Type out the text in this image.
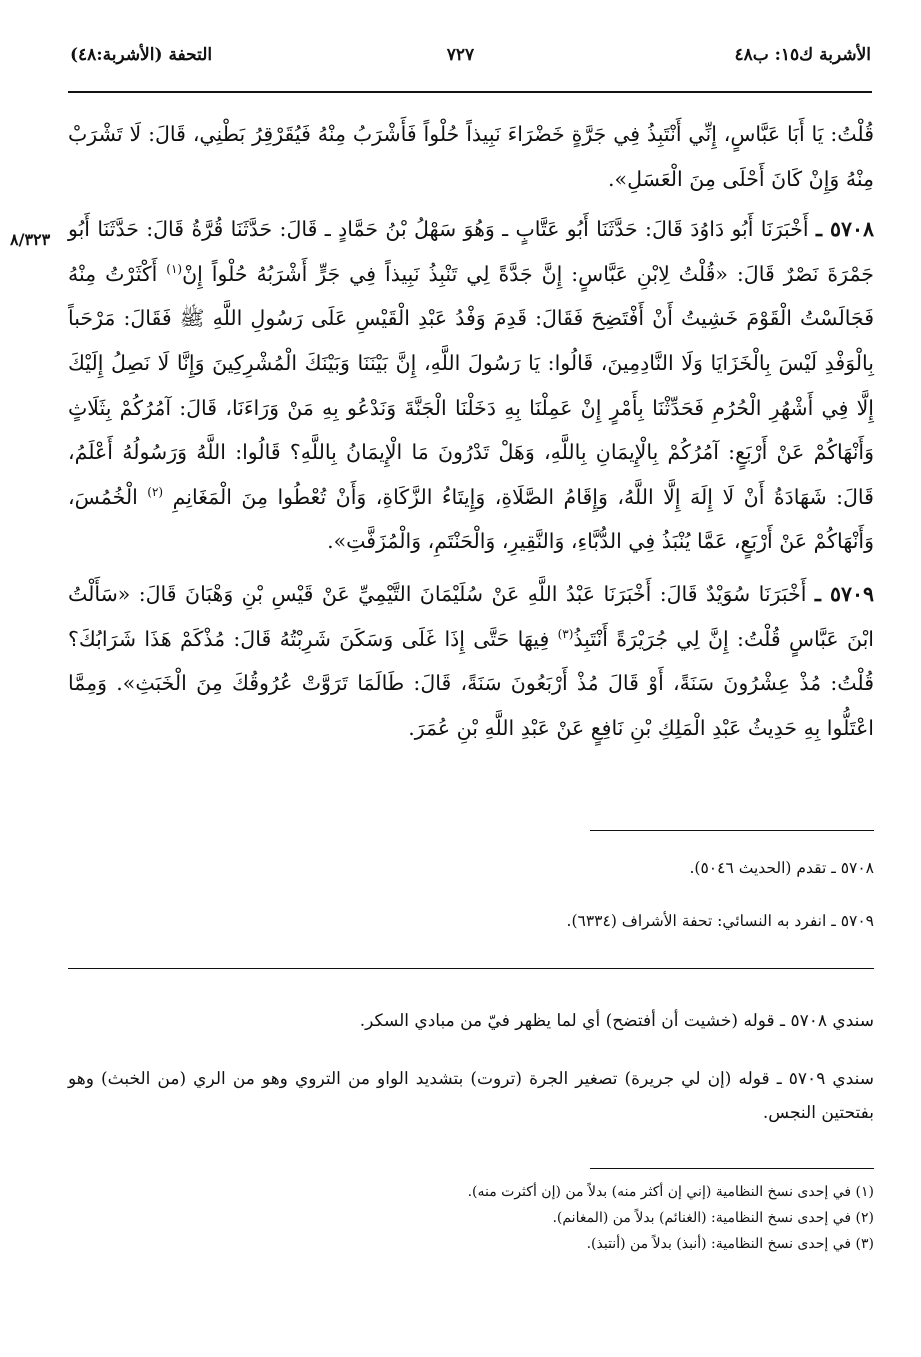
الأشربة ك١٥: ب٤٨
٧٢٧
التحفة (الأشربة:٤٨)
٨/٣٢٣

قُلْتُ: يَا أَبَا عَبَّاسٍ، إِنِّي أَنْتَبِذُ فِي جَرَّةٍ خَضْرَاءَ نَبِيذاً حُلْواً فَأَشْرَبُ مِنْهُ فَيُقَرْقِرُ بَطْنِي، قَالَ: لَا تَشْرَبْ مِنْهُ وَإِنْ كَانَ أَحْلَى مِنَ الْعَسَلِ».

٥٧٠٨ ـ أَخْبَرَنَا أَبُو دَاوُدَ قَالَ: حَدَّثَنَا أَبُو عَتَّابٍ ـ وَهُوَ سَهْلُ بْنُ حَمَّادٍ ـ قَالَ: حَدَّثَنَا قُرَّةُ قَالَ: حَدَّثَنَا أَبُو جَمْرَةَ نَصْرٌ قَالَ: «قُلْتُ لِابْنِ عَبَّاسٍ: إِنَّ جَدَّةً لِي تَنْبِذُ نَبِيذاً فِي جَرٍّ أَشْرَبُهُ حُلْواً إِنْ$^{(١)}$ أَكْثَرْتُ مِنْهُ فَجَالَسْتُ الْقَوْمَ خَشِيتُ أَنْ أَفْتَضِحَ فَقَالَ: قَدِمَ وَفْدُ عَبْدِ الْقَيْسِ عَلَى رَسُولِ اللَّهِ ﷺ فَقَالَ: مَرْحَباً بِالْوَفْدِ لَيْسَ بِالْخَزَايَا وَلَا النَّادِمِينَ، قَالُوا: يَا رَسُولَ اللَّهِ، إِنَّ بَيْنَنَا وَبَيْنَكَ الْمُشْرِكِينَ وَإِنَّا لَا نَصِلُ إِلَيْكَ إِلَّا فِي أَشْهُرِ الْحُرُمِ فَحَدِّثْنَا بِأَمْرٍ إِنْ عَمِلْنَا بِهِ دَخَلْنَا الْجَنَّةَ وَنَدْعُو بِهِ مَنْ وَرَاءَنَا، قَالَ: آمُرُكُمْ بِثَلَاثٍ وَأَنْهَاكُمْ عَنْ أَرْبَعٍ: آمُرُكُمْ بِالْإِيمَانِ بِاللَّهِ، وَهَلْ تَدْرُونَ مَا الْإِيمَانُ بِاللَّهِ؟ قَالُوا: اللَّهُ وَرَسُولُهُ أَعْلَمُ، قَالَ: شَهَادَةُ أَنْ لَا إِلَهَ إِلَّا اللَّهُ، وَإِقَامُ الصَّلَاةِ، وَإِيتَاءُ الزَّكَاةِ، وَأَنْ تُعْطُوا مِنَ الْمَغَانِمِ $^{(٢)}$ الْخُمُسَ، وَأَنْهَاكُمْ عَنْ أَرْبَعٍ، عَمَّا يُنْبَذُ فِي الدُّبَّاءِ، وَالنَّقِيرِ، وَالْحَنْتَمِ، وَالْمُزَفَّتِ».

٥٧٠٩ ـ أَخْبَرَنَا سُوَيْدٌ قَالَ: أَخْبَرَنَا عَبْدُ اللَّهِ عَنْ سُلَيْمَانَ التَّيْمِيِّ عَنْ قَيْسِ بْنِ وَهْبَانَ قَالَ: «سَأَلْتُ ابْنَ عَبَّاسٍ قُلْتُ: إِنَّ لِي جُرَيْرَةً أَنْتَبِذُ$^{(٣)}$ فِيهَا حَتَّى إِذَا غَلَى وَسَكَنَ شَرِبْتُهُ قَالَ: مُذْكَمْ هَذَا شَرَابُكَ؟ قُلْتُ: مُذْ عِشْرُونَ سَنَةً، أَوْ قَالَ مُذْ أَرْبَعُونَ سَنَةً، قَالَ: طَالَمَا تَرَوَّتْ عُرُوقُكَ مِنَ الْخَبَثِ». وَمِمَّا اعْتَلُّوا بِهِ حَدِيثُ عَبْدِ الْمَلِكِ بْنِ نَافِعٍ عَنْ عَبْدِ اللَّهِ بْنِ عُمَرَ.

٥٧٠٨ ـ تقدم (الحديث ٥٠٤٦).
٥٧٠٩ ـ انفرد به النسائي: تحفة الأشراف (٦٣٣٤).
سندي ٥٧٠٨ ـ قوله (خشيت أن أفتضح) أي لما يظهر فيّ من مبادي السكر.
سندي ٥٧٠٩ ـ قوله (إن لي جريرة) تصغير الجرة (تروت) بتشديد الواو من التروي وهو من الري (من الخبث) وهو بفتحتين النجس.
(١) في إحدى نسخ النظامية (إني إن أكثر منه) بدلاً من (إن أكثرت منه).
(٢) في إحدى نسخ النظامية: (الغنائم) بدلاً من (المغانم).
(٣) في إحدى نسخ النظامية: (أنبذ) بدلاً من (أنتبذ).
